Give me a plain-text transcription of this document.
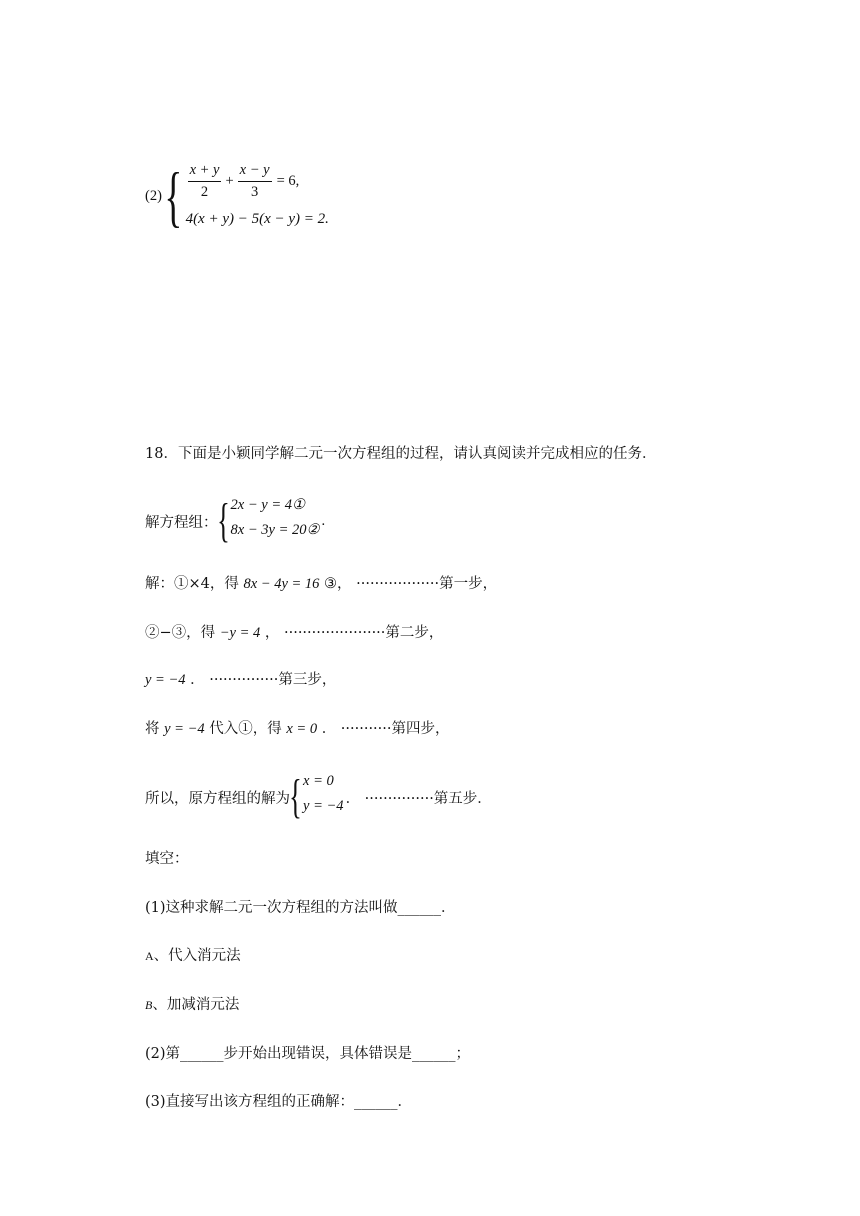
(2) { $\frac{x + y}{2} + \frac{x - y}{3} = 6$,
4(x + y) − 5(x − y) = 2.
18．下面是小颖同学解二元一次方程组的过程，请认真阅读并完成相应的任务．
解方程组： { 2x − y = 4①
8x − 3y = 20②
.
解：①×4，得 8x − 4y = 16 ③， ··················第一步，
②−③，得 −y = 4 ， ······················第二步，
y = −4 ． ···············第三步，
将 y = −4 代入①，得 x = 0 ． ···········第四步，
所以，原方程组的解为 { x = 0
y = −4 ． ···············第五步．
填空：
(1)这种求解二元一次方程组的方法叫做______．
A、代入消元法
B、加减消元法
(2)第______步开始出现错误，具体错误是______；
(3)直接写出该方程组的正确解：______．
